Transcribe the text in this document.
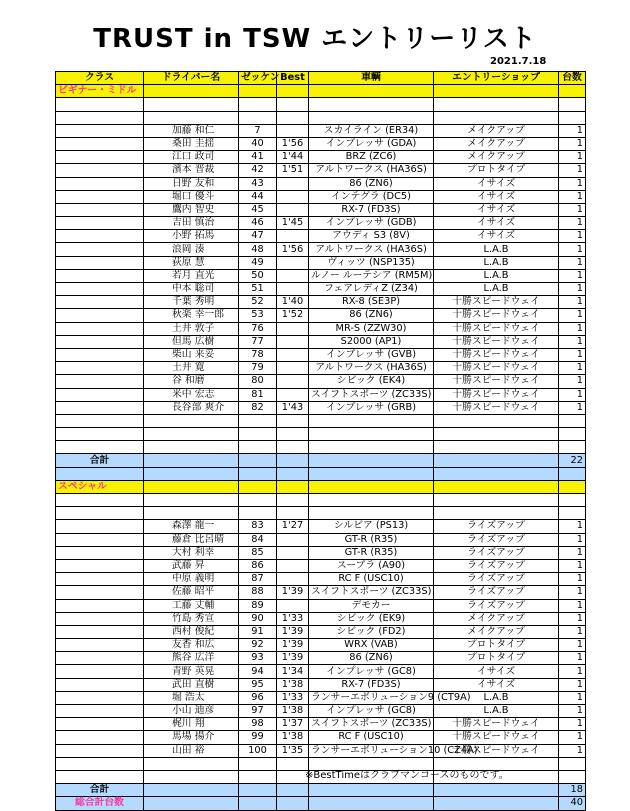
TRUST in TSW エントリーリスト
2021.7.18
クラス	ドライバー名	ゼッケン	Best	車輌	エントリーショップ	台数
ビギナー・ミドル						

	加藤 和仁	7		スカイライン (ER34)	メイクアップ	1
	桑田 圭揺	40	1'56	インプレッサ (GDA)	メイクアップ	1
	江口 政司	41	1'44	BRZ (ZC6)	メイクアップ	1
	濱本 晋裁	42	1'51	アルトワークス (HA36S)	プロトタイプ	1
	日野 友和	43		86 (ZN6)	イサイズ	1
	堀口 優斗	44		インテグラ (DC5)	イサイズ	1
	鷹内 智史	45		RX-7 (FD3S)	イサイズ	1
	吉田 慎治	46	1'45	インプレッサ (GDB)	イサイズ	1
	小野 拓馬	47		アウディ S3 (8V)	イサイズ	1
	浪岡 湊	48	1'56	アルトワークス (HA36S)	L.A.B	1
	荻原 慧	49		ヴィッツ (NSP135)	L.A.B	1
	若月 直光	50		ルノー ルーテシア (RM5M)	L.A.B	1
	中本 聡司	51		フェアレディZ (Z34)	L.A.B	1
	千葉 秀明	52	1'40	RX-8 (SE3P)	十勝スピードウェイ	1
	秋楽 幸一郎	53	1'52	86 (ZN6)	十勝スピードウェイ	1
	土井 敦子	76		MR-S (ZZW30)	十勝スピードウェイ	1
	但馬 広樹	77		S2000 (AP1)	十勝スピードウェイ	1
	柴山 来妥	78		インプレッサ (GVB)	十勝スピードウェイ	1
	土井 寛	79		アルトワークス (HA36S)	十勝スピードウェイ	1
	谷 和磨	80		シビック (EK4)	十勝スピードウェイ	1
	米中 宏志	81		スイフトスポーツ (ZC33S)	十勝スピードウェイ	1
	長谷部 爽介	82	1'43	インプレッサ (GRB)	十勝スピードウェイ	1

合計						22

スペシャル						

	森澤 龍一	83	1'27	シルビア (PS13)	ライズアップ	1
	藤倉 比呂晴	84		GT-R (R35)	ライズアップ	1
	大村 利幸	85		GT-R (R35)	ライズアップ	1
	武藤 昇	86		スープラ (A90)	ライズアップ	1
	中原 義明	87		RC F (USC10)	ライズアップ	1
	佐藤 昭平	88	1'39	スイフトスポーツ (ZC33S)	ライズアップ	1
	工藤 丈輔	89		デモカー	ライズアップ	1
	竹島 秀宣	90	1'33	シビック (EK9)	メイクアップ	1
	西村 俊紀	91	1'39	シビック (FD2)	メイクアップ	1
	友香 和広	92	1'39	WRX (VAB)	プロトタイプ	1
	熊谷 広洋	93	1'39	86 (ZN6)	プロトタイプ	1
	青野 英晃	94	1'34	インプレッサ (GC8)	イサイズ	1
	武田 直樹	95	1'38	RX-7 (FD3S)	イサイズ	1
	堀 浩太	96	1'33	ランサーエボリューション9 (CT9A)	L.A.B	1
	小山 迪彦	97	1'38	インプレッサ (GC8)	L.A.B	1
	梶川 翔	98	1'37	スイフトスポーツ (ZC33S)	十勝スピードウェイ	1
	馬場 揚介	99	1'38	RC F (USC10)	十勝スピードウェイ	1
	山田 裕	100	1'35	ランサーエボリューション10 (CZ4A)	十勝スピードウェイ	1

合計						18
総合計台数						40
※BestTimeはクラブマンコースのものです。
